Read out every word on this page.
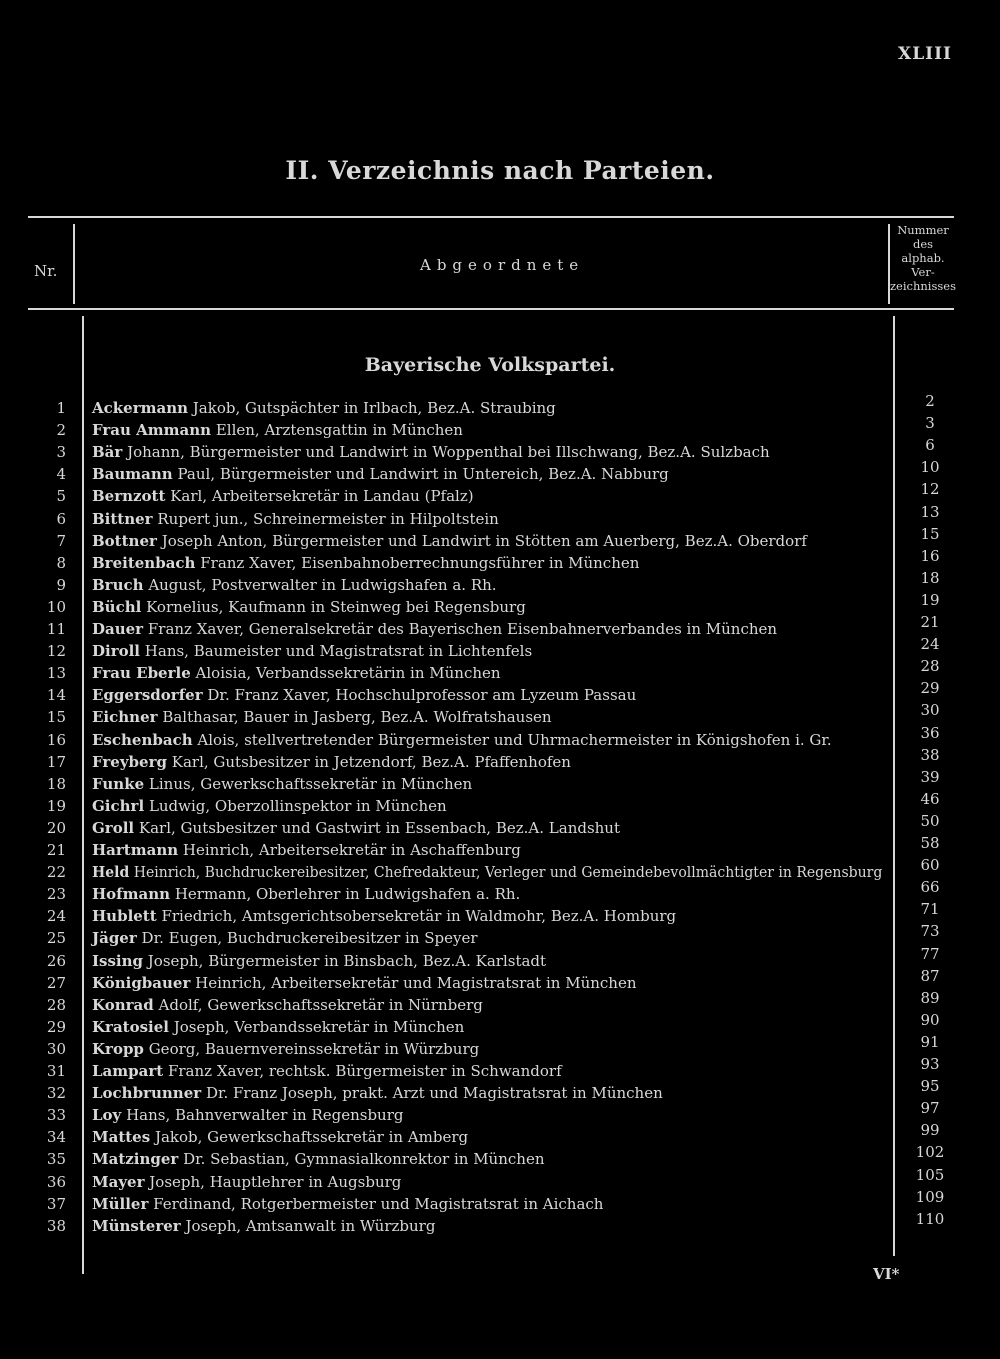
XLIII
II. Verzeichnis nach Parteien.
Nr.	Abgeordnete
Nummer
des
alphab.
Ver-
zeichnisses
Bayerische Volkspartei.
1 Ackermann Jakob, Gutspächter in Irlbach, Bez.A. Straubing	2
2 Frau Ammann Ellen, Arztensgattin in München	3
3 Bär Johann, Bürgermeister und Landwirt in Woppenthal bei Illschwang, Bez.A. Sulzbach	6
4 Baumann Paul, Bürgermeister und Landwirt in Untereich, Bez.A. Nabburg	10
5 Bernzott Karl, Arbeitersekretär in Landau (Pfalz)	12
6 Bittner Rupert jun., Schreinermeister in Hilpoltstein	13
7 Bottner Joseph Anton, Bürgermeister und Landwirt in Stötten am Auerberg, Bez.A. Oberdorf	15
8 Breitenbach Franz Xaver, Eisenbahnoberrechnungsführer in München	16
9 Bruch August, Postverwalter in Ludwigshafen a. Rh.	18
10 Büchl Kornelius, Kaufmann in Steinweg bei Regensburg	19
11 Dauer Franz Xaver, Generalsekretär des Bayerischen Eisenbahnerverbandes in München	21
12 Diroll Hans, Baumeister und Magistratsrat in Lichtenfels	24
13 Frau Eberle Aloisia, Verbandssekretärin in München	28
14 Eggersdorfer Dr. Franz Xaver, Hochschulprofessor am Lyzeum Passau	29
15 Eichner Balthasar, Bauer in Jasberg, Bez.A. Wolfratshausen	30
16 Eschenbach Alois, stellvertretender Bürgermeister und Uhrmachermeister in Königshofen i. Gr.	36
17 Freyberg Karl, Gutsbesitzer in Jetzendorf, Bez.A. Pfaffenhofen	38
18 Funke Linus, Gewerkschaftssekretär in München	39
19 Gichrl Ludwig, Oberzollinspektor in München	46
20 Groll Karl, Gutsbesitzer und Gastwirt in Essenbach, Bez.A. Landshut	50
21 Hartmann Heinrich, Arbeitersekretär in Aschaffenburg	58
22 Held Heinrich, Buchdruckereibesitzer, Chefredakteur, Verleger und Gemeindebevollmächtigter in Regensburg	60
23 Hofmann Hermann, Oberlehrer in Ludwigshafen a. Rh.	66
24 Hublett Friedrich, Amtsgerichtsobersekretär in Waldmohr, Bez.A. Homburg	71
25 Jäger Dr. Eugen, Buchdruckereibesitzer in Speyer	73
26 Issing Joseph, Bürgermeister in Binsbach, Bez.A. Karlstadt	77
27 Königbauer Heinrich, Arbeitersekretär und Magistratsrat in München	87
28 Konrad Adolf, Gewerkschaftssekretär in Nürnberg	89
29 Kratosiel Joseph, Verbandssekretär in München	90
30 Kropp Georg, Bauernvereinssekretär in Würzburg	91
31 Lampart Franz Xaver, rechtsk. Bürgermeister in Schwandorf	93
32 Lochbrunner Dr. Franz Joseph, prakt. Arzt und Magistratsrat in München	95
33 Loy Hans, Bahnverwalter in Regensburg	97
34 Mattes Jakob, Gewerkschaftssekretär in Amberg	99
35 Matzinger Dr. Sebastian, Gymnasialkonrektor in München	102
36 Mayer Joseph, Hauptlehrer in Augsburg	105
37 Müller Ferdinand, Rotgerbermeister und Magistratsrat in Aichach	109
38 Münsterer Joseph, Amtsanwalt in Würzburg	110
VI*
